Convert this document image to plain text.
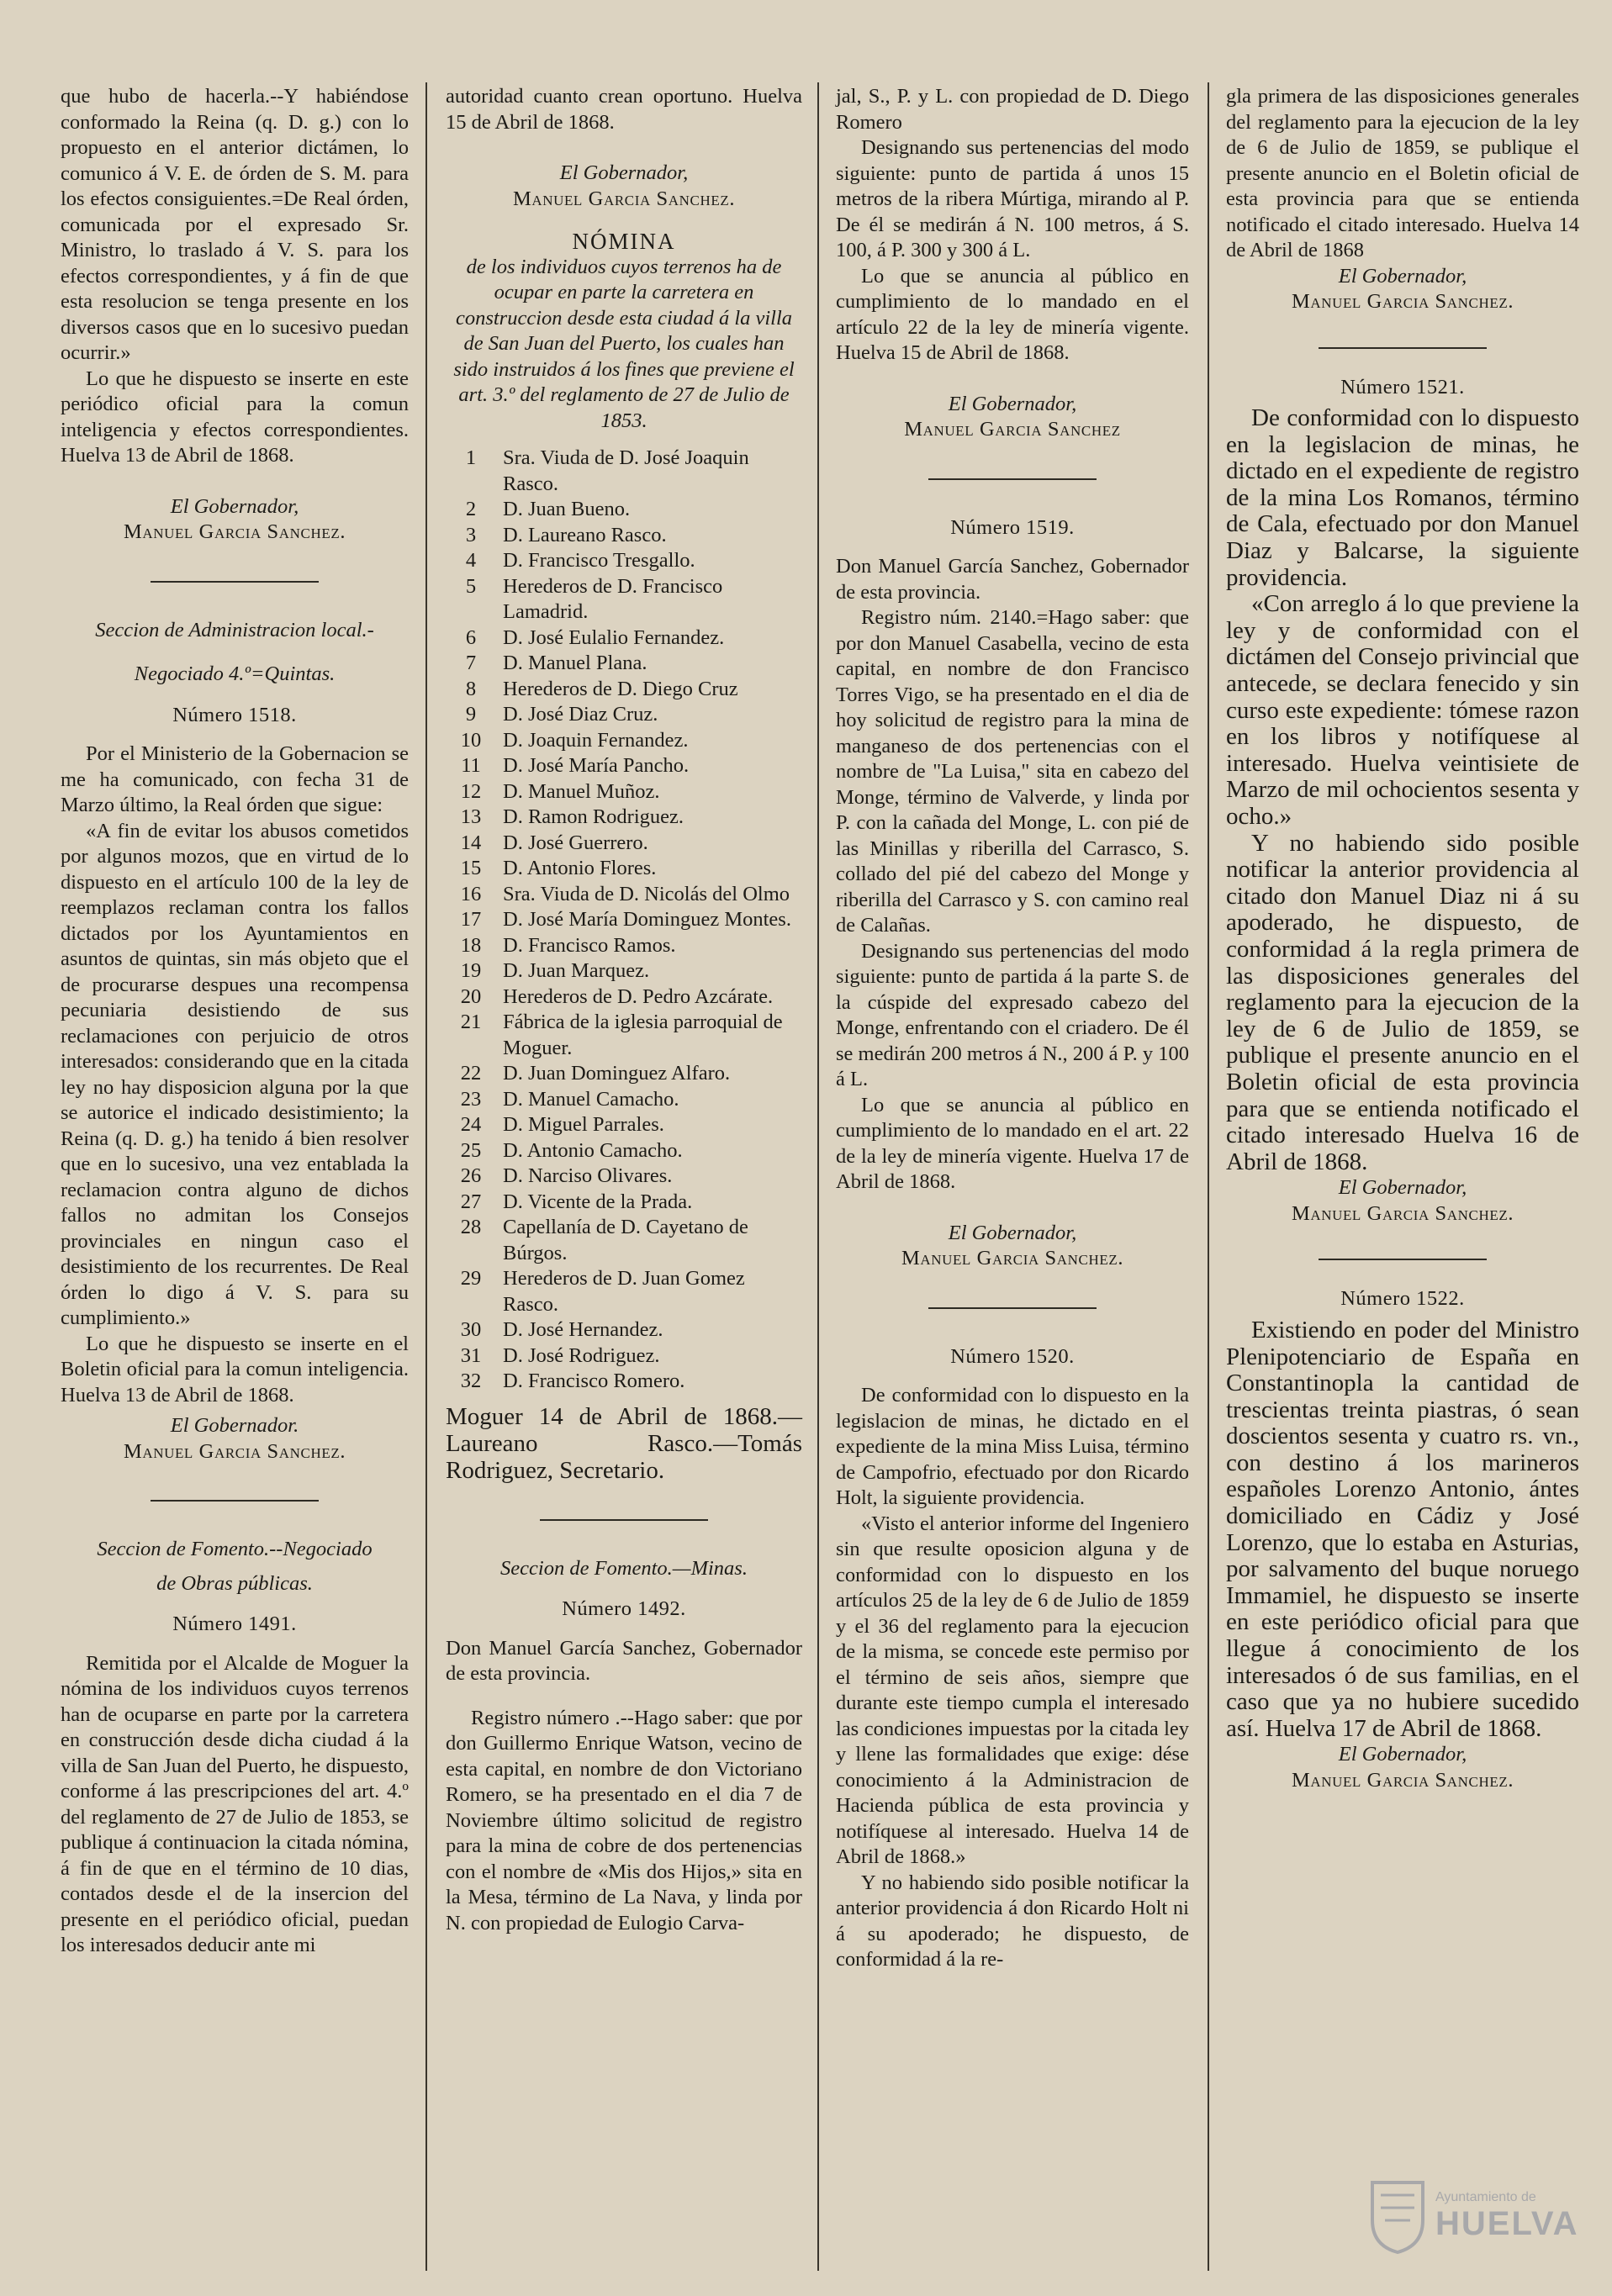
que hubo de hacerla.--Y habiéndose conformado la Reina (q. D. g.) con lo propuesto en el anterior dictámen, lo comunico á V. E. de órden de S. M. para los efectos consiguientes.=De Real órden, comunicada por el expresado Sr. Ministro, lo traslado á V. S. para los efectos correspondientes, y á fin de que esta resolucion se tenga presente en los diversos casos que en lo sucesivo puedan ocurrir.»

Lo que he dispuesto se inserte en este periódico oficial para la comun inteligencia y efectos correspondientes. Huelva 13 de Abril de 1868.

El Gobernador,
Manuel Garcia Sanchez.

Seccion de Administracion local.-

Negociado 4.º=Quintas.

Número 1518.

Por el Ministerio de la Gobernacion se me ha comunicado, con fecha 31 de Marzo último, la Real órden que sigue:

«A fin de evitar los abusos cometidos por algunos mozos, que en virtud de lo dispuesto en el artículo 100 de la ley de reemplazos reclaman contra los fallos dictados por los Ayuntamientos en asuntos de quintas, sin más objeto que el de procurarse despues una recompensa pecuniaria desistiendo de sus reclamaciones con perjuicio de otros interesados: considerando que en la citada ley no hay disposicion alguna por la que se autorice el indicado desistimiento; la Reina (q. D. g.) ha tenido á bien resolver que en lo sucesivo, una vez entablada la reclamacion contra alguno de dichos fallos no admitan los Consejos provinciales en ningun caso el desistimiento de los recurrentes. De Real órden lo digo á V. S. para su cumplimiento.»

Lo que he dispuesto se inserte en el Boletin oficial para la comun inteligencia. Huelva 13 de Abril de 1868.

El Gobernador.
Manuel Garcia Sanchez.

Seccion de Fomento.--Negociado

de Obras públicas.

Número 1491.

Remitida por el Alcalde de Moguer la nómina de los individuos cuyos terrenos han de ocuparse en parte por la carretera en construcción desde dicha ciudad á la villa de San Juan del Puerto, he dispuesto, conforme á las prescripciones del art. 4.º del reglamento de 27 de Julio de 1853, se publique á continuacion la citada nómina, á fin de que en el término de 10 dias, contados desde el de la insercion del presente en el periódico oficial, puedan los interesados deducir ante mi

autoridad cuanto crean oportuno. Huelva 15 de Abril de 1868.

El Gobernador,
Manuel Garcia Sanchez.

NÓMINA

de los individuos cuyos terrenos ha de ocupar en parte la carretera en construccion desde esta ciudad á la villa de San Juan del Puerto, los cuales han sido instruidos á los fines que previene el art. 3.º del reglamento de 27 de Julio de 1853.

1	Sra. Viuda de D. José Joaquin Rasco.
2	D. Juan Bueno.
3	D. Laureano Rasco.
4	D. Francisco Tresgallo.
5	Herederos de D. Francisco Lamadrid.
6	D. José Eulalio Fernandez.
7	D. Manuel Plana.
8	Herederos de D. Diego Cruz
9	D. José Diaz Cruz.
10	D. Joaquin Fernandez.
11	D. José María Pancho.
12	D. Manuel Muñoz.
13	D. Ramon Rodriguez.
14	D. José Guerrero.
15	D. Antonio Flores.
16	Sra. Viuda de D. Nicolás del Olmo
17	D. José María Dominguez Montes.
18	D. Francisco Ramos.
19	D. Juan Marquez.
20	Herederos de D. Pedro Azcárate.
21	Fábrica de la iglesia parroquial de Moguer.
22	D. Juan Dominguez Alfaro.
23	D. Manuel Camacho.
24	D. Miguel Parrales.
25	D. Antonio Camacho.
26	D. Narciso Olivares.
27	D. Vicente de la Prada.
28	Capellanía de D. Cayetano de Búrgos.
29	Herederos de D. Juan Gomez Rasco.
30	D. José Hernandez.
31	D. José Rodriguez.
32	D. Francisco Romero.

Moguer 14 de Abril de 1868.—Laureano Rasco.—Tomás Rodriguez, Secretario.

Seccion de Fomento.—Minas.

Número 1492.

Don Manuel García Sanchez, Gobernador de esta provincia.

Registro número .--Hago saber: que por don Guillermo Enrique Watson, vecino de esta capital, en nombre de don Victoriano Romero, se ha presentado en el dia 7 de Noviembre último solicitud de registro para la mina de cobre de dos pertenencias con el nombre de «Mis dos Hijos,» sita en la Mesa, término de La Nava, y linda por N. con propiedad de Eulogio Carva-

jal, S., P. y L. con propiedad de D. Diego Romero

Designando sus pertenencias del modo siguiente: punto de partida á unos 15 metros de la ribera Múrtiga, mirando al P. De él se medirán á N. 100 metros, á S. 100, á P. 300 y 300 á L.

Lo que se anuncia al público en cumplimiento de lo mandado en el artículo 22 de la ley de minería vigente. Huelva 15 de Abril de 1868.

El Gobernador,
Manuel Garcia Sanchez

Número 1519.

Don Manuel García Sanchez, Gobernador de esta provincia.

Registro núm. 2140.=Hago saber: que por don Manuel Casabella, vecino de esta capital, en nombre de don Francisco Torres Vigo, se ha presentado en el dia de hoy solicitud de registro para la mina de manganeso de dos pertenencias con el nombre de "La Luisa," sita en cabezo del Monge, término de Valverde, y linda por P. con la cañada del Monge, L. con pié de las Minillas y riberilla del Carrasco, S. collado del pié del cabezo del Monge y riberilla del Carrasco y S. con camino real de Calañas.

Designando sus pertenencias del modo siguiente: punto de partida á la parte S. de la cúspide del expresado cabezo del Monge, enfrentando con el criadero. De él se medirán 200 metros á N., 200 á P. y 100 á L.

Lo que se anuncia al público en cumplimiento de lo mandado en el art. 22 de la ley de minería vigente. Huelva 17 de Abril de 1868.

El Gobernador,
Manuel Garcia Sanchez.

Número 1520.

De conformidad con lo dispuesto en la legislacion de minas, he dictado en el expediente de la mina Miss Luisa, término de Campofrio, efectuado por don Ricardo Holt, la siguiente providencia.

«Visto el anterior informe del Ingeniero sin que resulte oposicion alguna y de conformidad con lo dispuesto en los artículos 25 de la ley de 6 de Julio de 1859 y el 36 del reglamento para la ejecucion de la misma, se concede este permiso por el término de seis años, siempre que durante este tiempo cumpla el interesado las condiciones impuestas por la citada ley y llene las formalidades que exige: dése conocimiento á la Administracion de Hacienda pública de esta provincia y notifíquese al interesado. Huelva 14 de Abril de 1868.»

Y no habiendo sido posible notificar la anterior providencia á don Ricardo Holt ni á su apoderado; he dispuesto, de conformidad á la re-

gla primera de las disposiciones generales del reglamento para la ejecucion de la ley de 6 de Julio de 1859, se publique el presente anuncio en el Boletin oficial de esta provincia para que se entienda notificado el citado interesado. Huelva 14 de Abril de 1868

El Gobernador,
Manuel Garcia Sanchez.

Número 1521.

De conformidad con lo dispuesto en la legislacion de minas, he dictado en el expediente de registro de la mina Los Romanos, término de Cala, efectuado por don Manuel Diaz y Balcarse, la siguiente providencia.

«Con arreglo á lo que previene la ley y de conformidad con el dictámen del Consejo privincial que antecede, se declara fenecido y sin curso este expediente: tómese razon en los libros y notifíquese al interesado. Huelva veintisiete de Marzo de mil ochocientos sesenta y ocho.»

Y no habiendo sido posible notificar la anterior providencia al citado don Manuel Diaz ni á su apoderado, he dispuesto, de conformidad á la regla primera de las disposiciones generales del reglamento para la ejecucion de la ley de 6 de Julio de 1859, se publique el presente anuncio en el Boletin oficial de esta provincia para que se entienda notificado el citado interesado Huelva 16 de Abril de 1868.

El Gobernador,
Manuel Garcia Sanchez.

Número 1522.

Existiendo en poder del Ministro Plenipotenciario de España en Constantinopla la cantidad de trescientas treinta piastras, ó sean doscientos sesenta y cuatro rs. vn., con destino á los marineros españoles Lorenzo Antonio, ántes domiciliado en Cádiz y José Lorenzo, que lo estaba en Asturias, por salvamento del buque noruego Immamiel, he dispuesto se inserte en este periódico oficial para que llegue á conocimiento de los interesados ó de sus familias, en el caso que ya no hubiere sucedido así. Huelva 17 de Abril de 1868.

El Gobernador,
Manuel Garcia Sanchez.
Ayuntamiento de
HUELVA
